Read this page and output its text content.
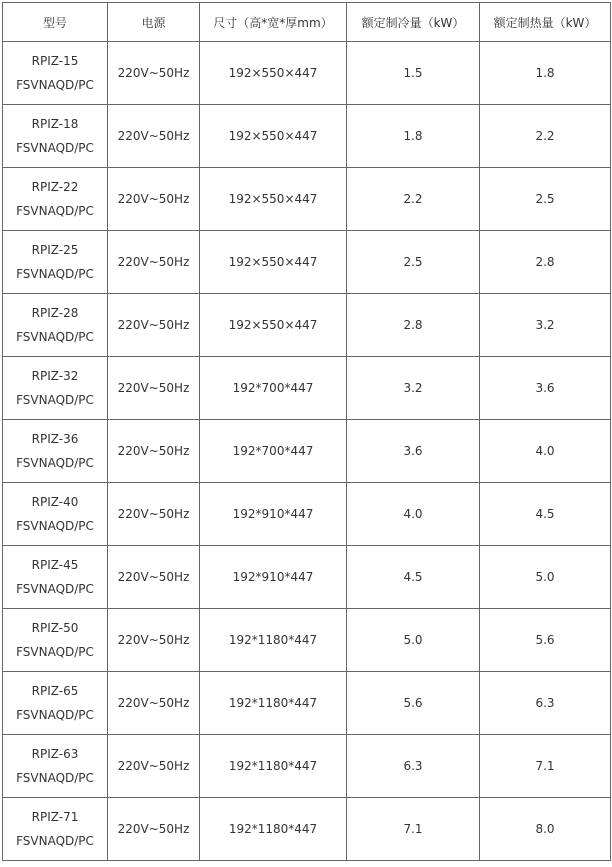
型号	电源	尺寸（高*宽*厚mm）	额定制冷量（kW）	额定制热量（kW）

RPIZ-15
FSVNAQD/PC	220V~50Hz	192×550×447	1.5	1.8

RPIZ-18
FSVNAQD/PC	220V~50Hz	192×550×447	1.8	2.2

RPIZ-22
FSVNAQD/PC	220V~50Hz	192×550×447	2.2	2.5

RPIZ-25
FSVNAQD/PC	220V~50Hz	192×550×447	2.5	2.8

RPIZ-28
FSVNAQD/PC	220V~50Hz	192×550×447	2.8	3.2

RPIZ-32
FSVNAQD/PC	220V~50Hz	192*700*447	3.2	3.6

RPIZ-36
FSVNAQD/PC	220V~50Hz	192*700*447	3.6	4.0

RPIZ-40
FSVNAQD/PC	220V~50Hz	192*910*447	4.0	4.5

RPIZ-45
FSVNAQD/PC	220V~50Hz	192*910*447	4.5	5.0

RPIZ-50
FSVNAQD/PC	220V~50Hz	192*1180*447	5.0	5.6

RPIZ-65
FSVNAQD/PC	220V~50Hz	192*1180*447	5.6	6.3

RPIZ-63
FSVNAQD/PC	220V~50Hz	192*1180*447	6.3	7.1

RPIZ-71
FSVNAQD/PC	220V~50Hz	192*1180*447	7.1	8.0
